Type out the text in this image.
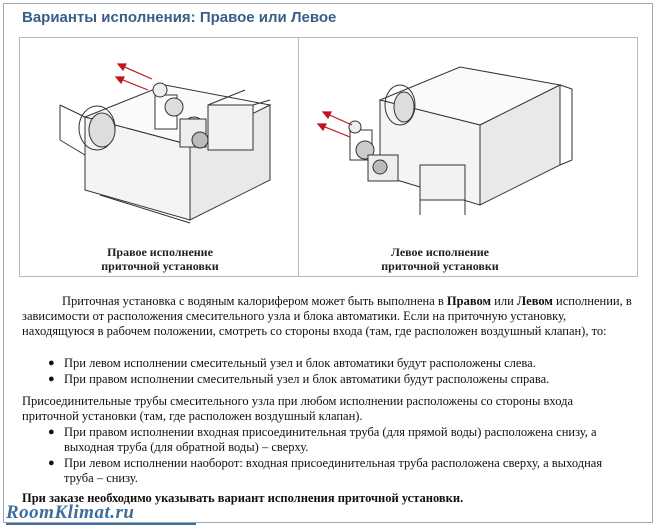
Варианты исполнения: Правое или Левое
Правое исполнение
приточной установки
Левое исполнение
приточной установки

Приточная установка с водяным калорифером может быть выполнена в Правом или Левом исполнении, в зависимости от расположения смесительного узла и блока автоматики. Если на приточную установку, находящуюся в рабочем положении, смотреть со стороны входа (там, где расположен воздушный клапан), то:

● При левом исполнении смесительный узел и блок автоматики будут расположены слева.
● При правом исполнении смесительный узел и блок автоматики будут расположены справа.

Присоединительные трубы смесительного узла при любом исполнении расположены со стороны входа приточной установки (там, где расположен воздушный клапан).

● При правом исполнении входная присоединительная труба (для прямой воды) расположена снизу, а выходная труба (для обратной воды) – сверху.
● При левом исполнении наоборот: входная присоединительная труба расположена сверху, а выходная труба – снизу.

При заказе необходимо указывать вариант исполнения приточной установки.

RoomKlimat.ru
